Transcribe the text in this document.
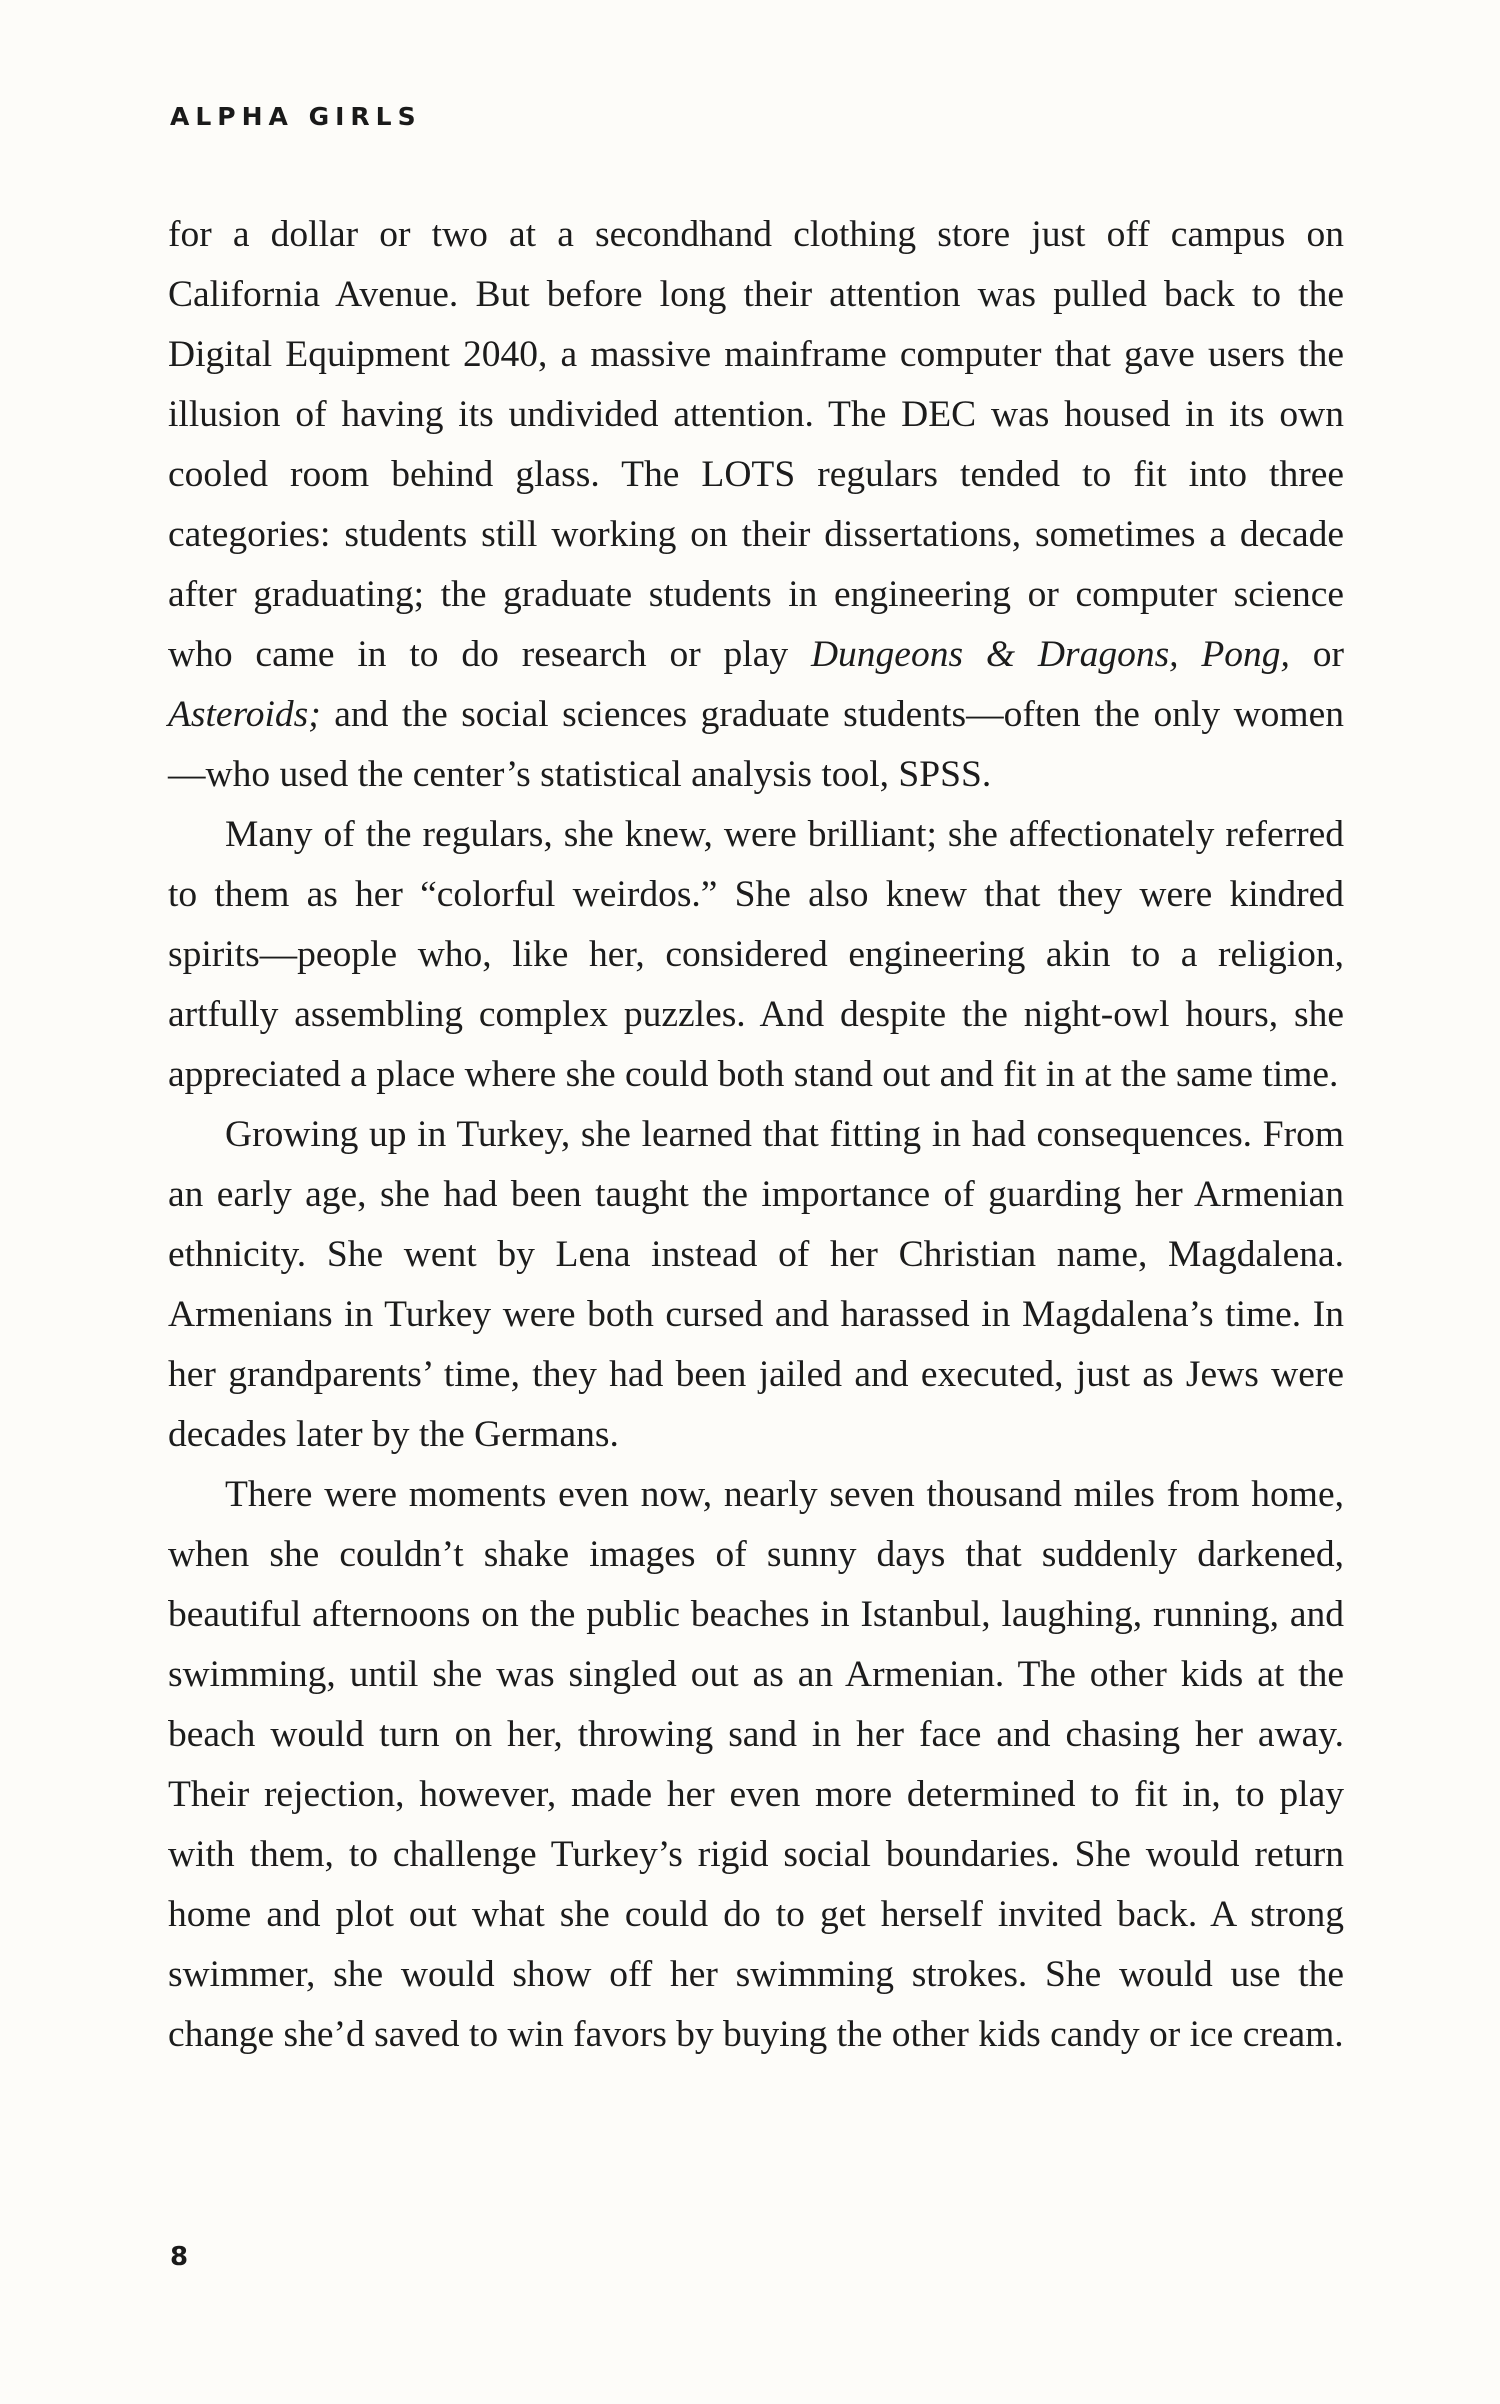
ALPHA GIRLS

for a dollar or two at a secondhand clothing store just off campus on California Avenue. But before long their attention was pulled back to the Digital Equipment 2040, a massive mainframe computer that gave users the illusion of having its undivided attention. The DEC was housed in its own cooled room behind glass. The LOTS regulars tended to fit into three categories: students still working on their dissertations, sometimes a decade after graduating; the graduate students in engineering or computer science who came in to do research or play Dungeons & Dragons, Pong, or Asteroids; and the social sciences graduate students—often the only women—who used the center’s statistical analysis tool, SPSS.

Many of the regulars, she knew, were brilliant; she affectionately referred to them as her “colorful weirdos.” She also knew that they were kindred spirits—people who, like her, considered engineering akin to a religion, artfully assembling complex puzzles. And despite the night-owl hours, she appreciated a place where she could both stand out and fit in at the same time.

Growing up in Turkey, she learned that fitting in had consequences. From an early age, she had been taught the importance of guarding her Armenian ethnicity. She went by Lena instead of her Christian name, Magdalena. Armenians in Turkey were both cursed and harassed in Magdalena’s time. In her grandparents’ time, they had been jailed and executed, just as Jews were decades later by the Germans.

There were moments even now, nearly seven thousand miles from home, when she couldn’t shake images of sunny days that suddenly darkened, beautiful afternoons on the public beaches in Istanbul, laughing, running, and swimming, until she was singled out as an Armenian. The other kids at the beach would turn on her, throwing sand in her face and chasing her away. Their rejection, however, made her even more determined to fit in, to play with them, to challenge Turkey’s rigid social boundaries. She would return home and plot out what she could do to get herself invited back. A strong swimmer, she would show off her swimming strokes. She would use the change she’d saved to win favors by buying the other kids candy or ice cream.

8
